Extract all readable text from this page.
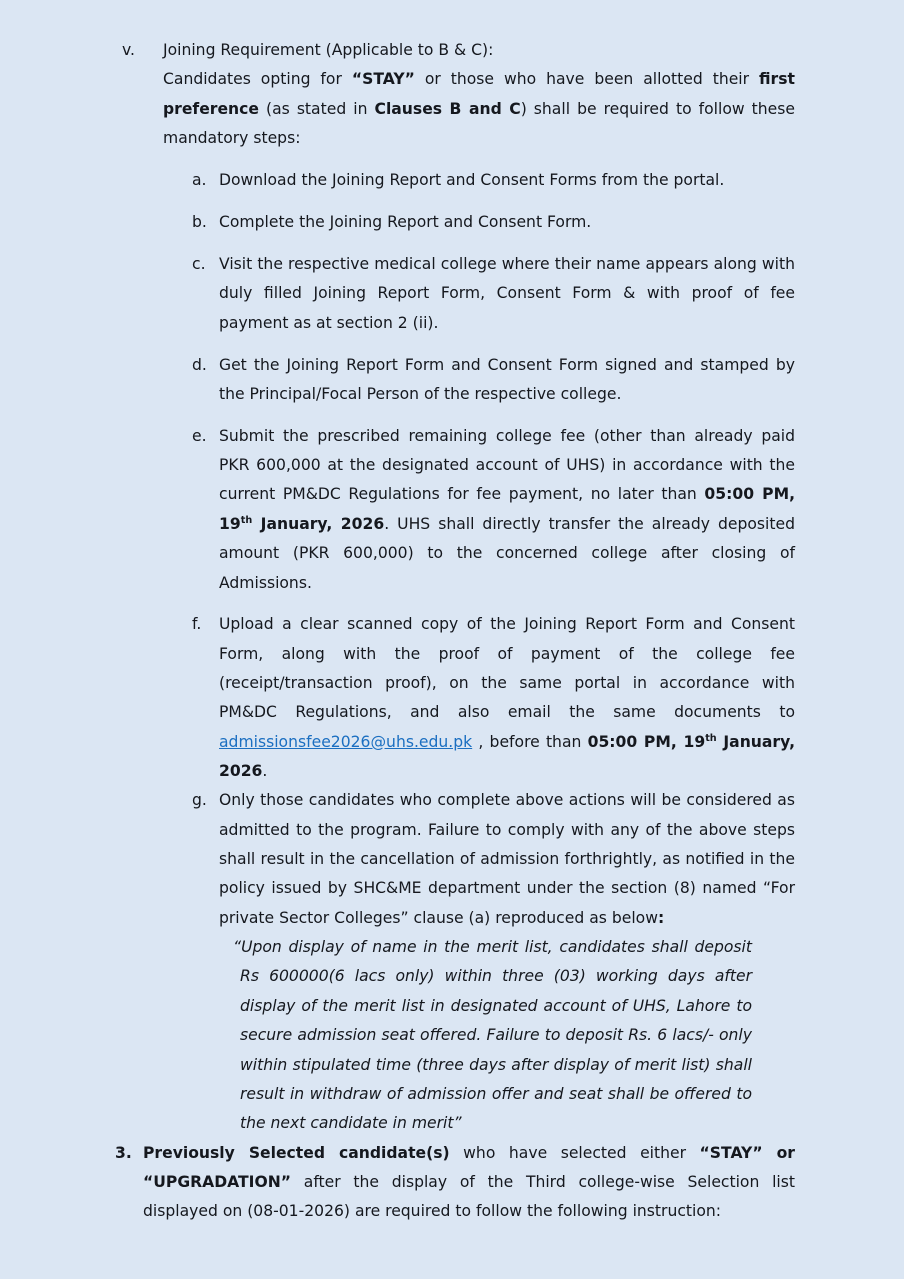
v.	Joining Requirement (Applicable to B & C):

Candidates opting for “STAY” or those who have been allotted their first preference (as stated in Clauses B and C) shall be required to follow these mandatory steps:

a. Download the Joining Report and Consent Forms from the portal.

b. Complete the Joining Report and Consent Form.

c. Visit the respective medical college where their name appears along with duly filled Joining Report Form, Consent Form & with proof of fee payment as at section 2 (ii).

d. Get the Joining Report Form and Consent Form signed and stamped by the Principal/Focal Person of the respective college.

e. Submit the prescribed remaining college fee (other than already paid PKR 600,000 at the designated account of UHS) in accordance with the current PM&DC Regulations for fee payment, no later than 05:00 PM, 19th January, 2026. UHS shall directly transfer the already deposited amount (PKR 600,000) to the concerned college after closing of Admissions.

f.	Upload a clear scanned copy of the Joining Report Form and Consent Form, along with the proof of payment of the college fee (receipt/transaction proof), on the same portal in accordance with PM&DC Regulations, and also email the same documents to admissionsfee2026@uhs.edu.pk , before than 05:00 PM, 19th January, 2026.

g. Only those candidates who complete above actions will be considered as admitted to the program. Failure to comply with any of the above steps shall result in the cancellation of admission forthrightly, as notified in the policy issued by SHC&ME department under the section (8) named “For private Sector Colleges” clause (a) reproduced as below:

“Upon display of name in the merit list, candidates shall deposit Rs 600000(6 lacs only) within three (03) working days after display of the merit list in designated account of UHS, Lahore to secure admission seat offered. Failure to deposit Rs. 6 lacs/- only within stipulated time (three days after display of merit list) shall result in withdraw of admission offer and seat shall be offered to the next candidate in merit”

3. Previously Selected candidate(s) who have selected either “STAY” or “UPGRADATION” after the display of the Third college-wise Selection list displayed on (08-01-2026) are required to follow the following instruction:
